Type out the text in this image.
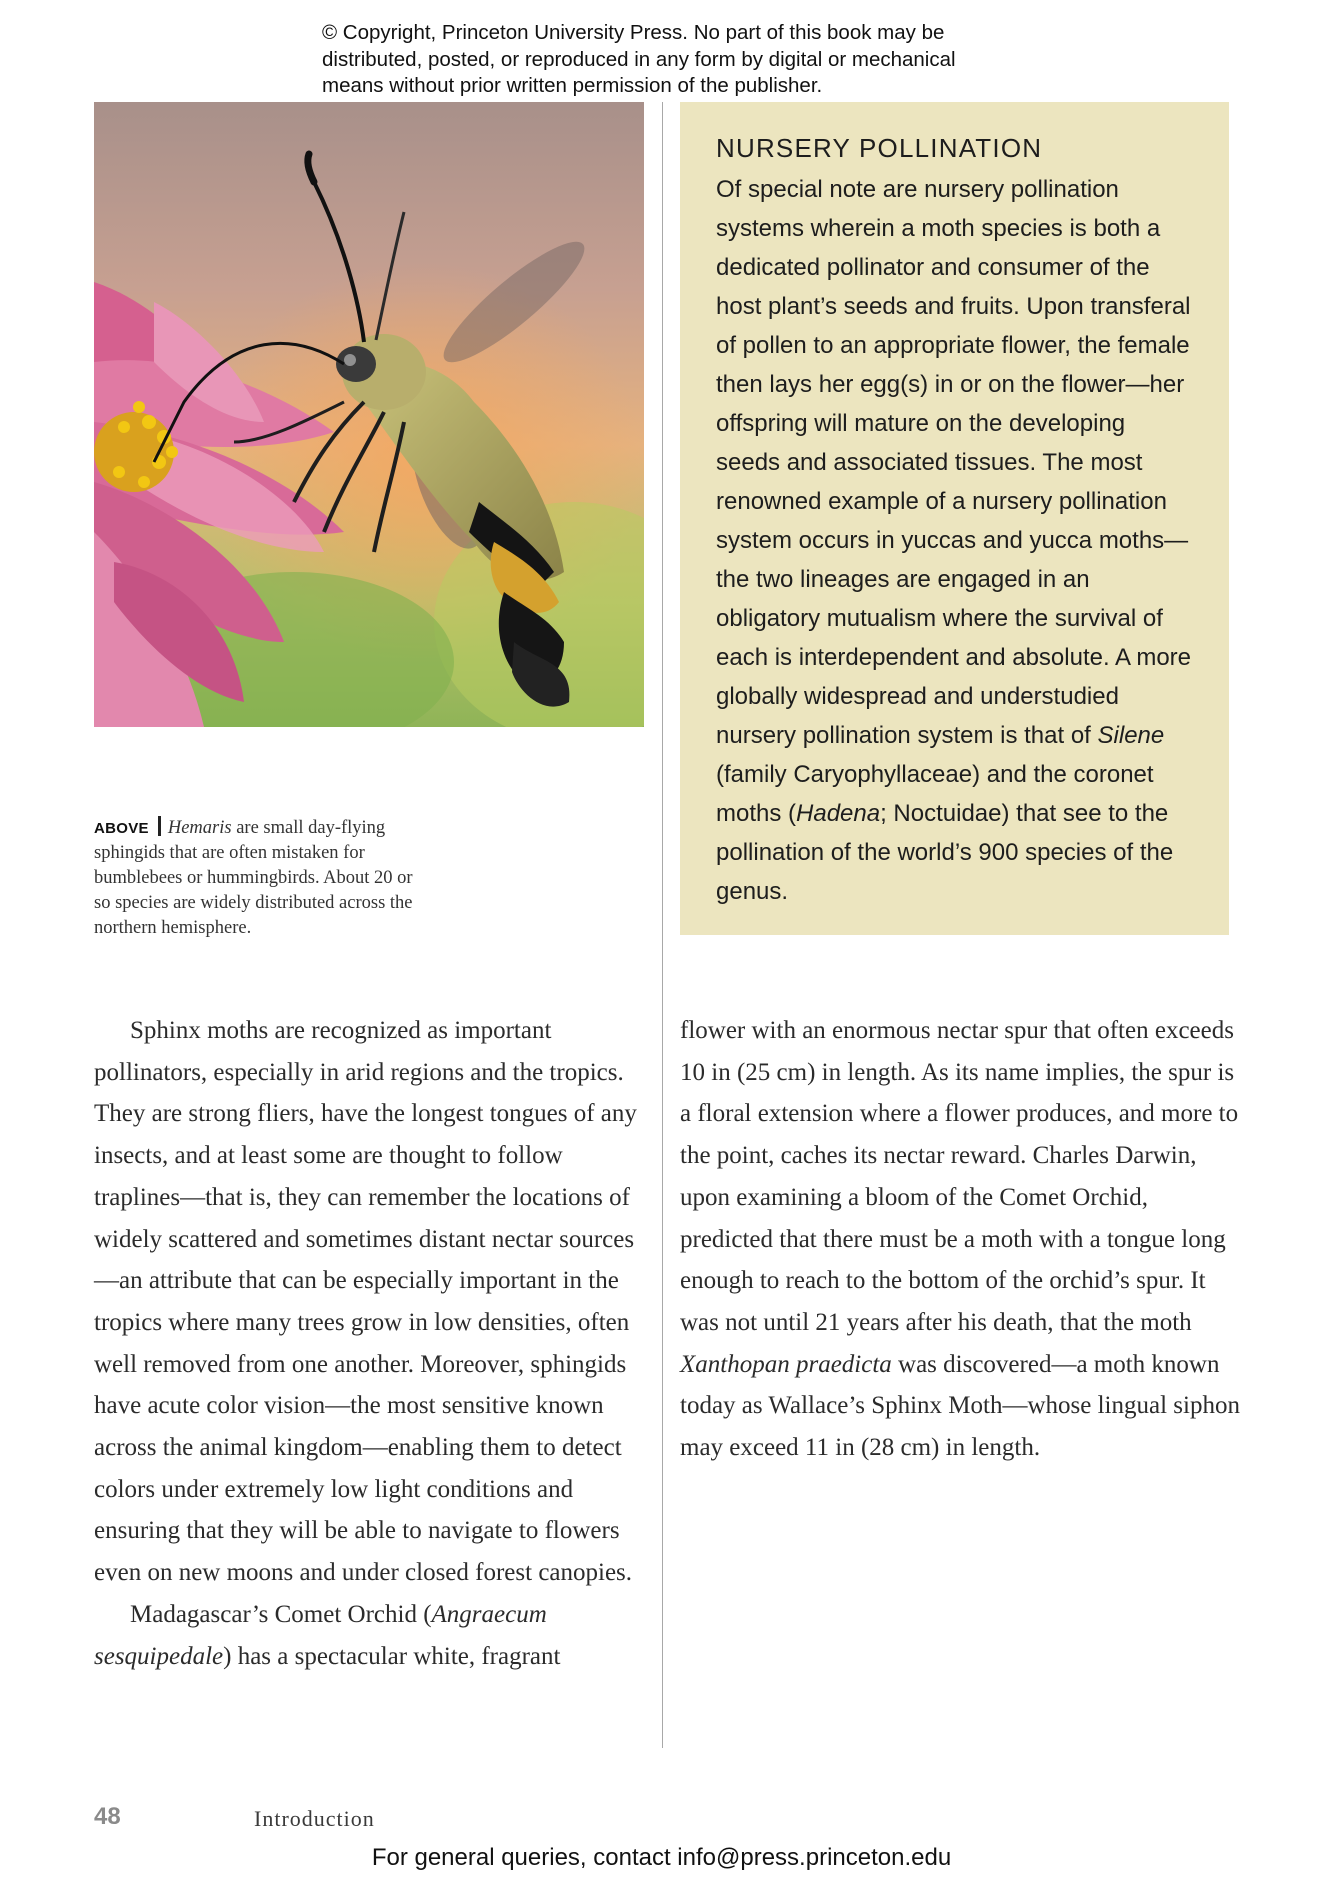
© Copyright, Princeton University Press. No part of this book may be
distributed, posted, or reproduced in any form by digital or mechanical
means without prior written permission of the publisher.
ABOVE Hemaris are small day-flying sphingids that are often mistaken for bumblebees or hummingbirds. About 20 or so species are widely distributed across the northern hemisphere.
NURSERY POLLINATION

Of special note are nursery pollination systems wherein a moth species is both a dedicated pollinator and consumer of the host plant’s seeds and fruits. Upon transferal of pollen to an appropriate flower, the female then lays her egg(s) in or on the flower—her offspring will mature on the developing seeds and associated tissues. The most renowned example of a nursery pollination system occurs in yuccas and yucca moths—the two lineages are engaged in an obligatory mutualism where the survival of each is interdependent and absolute. A more globally widespread and understudied nursery pollination system is that of Silene (family Caryophyllaceae) and the coronet moths (Hadena; Noctuidae) that see to the pollination of the world’s 900 species of the genus.

Sphinx moths are recognized as important pollinators, especially in arid regions and the tropics. They are strong fliers, have the longest tongues of any insects, and at least some are thought to follow traplines—that is, they can remember the locations of widely scattered and sometimes distant nectar sources—an attribute that can be especially important in the tropics where many trees grow in low densities, often well removed from one another. Moreover, sphingids have acute color vision—the most sensitive known across the animal kingdom—enabling them to detect colors under extremely low light conditions and ensuring that they will be able to navigate to flowers even on new moons and under closed forest canopies.

Madagascar’s Comet Orchid (Angraecum sesquipedale) has a spectacular white, fragrant

flower with an enormous nectar spur that often exceeds 10 in (25 cm) in length. As its name implies, the spur is a floral extension where a flower produces, and more to the point, caches its nectar reward. Charles Darwin, upon examining a bloom of the Comet Orchid, predicted that there must be a moth with a tongue long enough to reach to the bottom of the orchid’s spur. It was not until 21 years after his death, that the moth Xanthopan praedicta was discovered—a moth known today as Wallace’s Sphinx Moth—whose lingual siphon may exceed 11 in (28 cm) in length.

48	Introduction
For general queries, contact info@press.princeton.edu
